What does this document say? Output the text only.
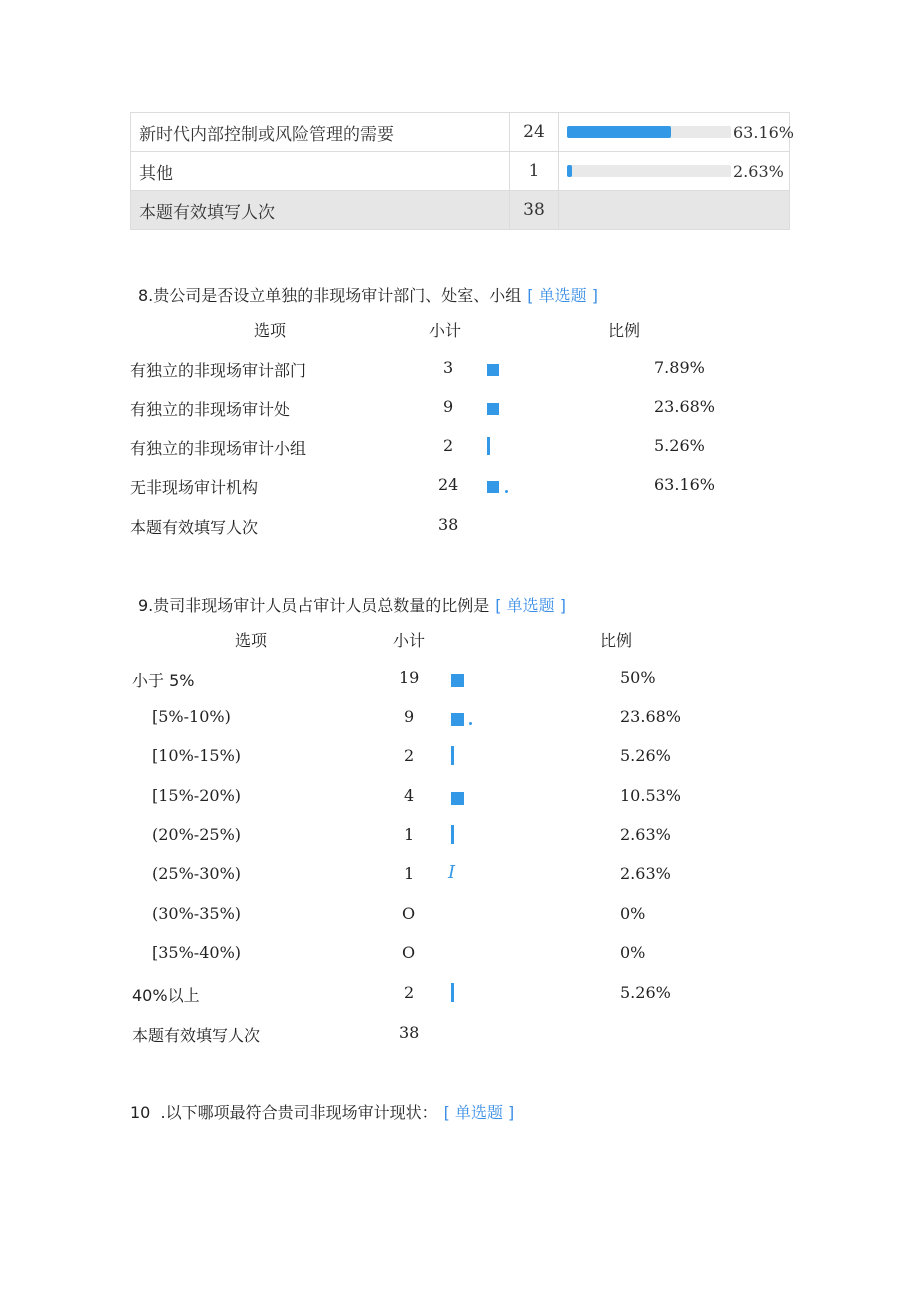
新时代内部控制或风险管理的需要	24	63.16%

其他	1	2.63%

本题有效填写人次	38	
8.贵公司是否设立单独的非现场审计部门、处室、小组 [ 单选题 ]
选项	小计	比例
有独立的非现场审计部门	3	7.89%
有独立的非现场审计处	9	23.68%
有独立的非现场审计小组	2	5.26%
无非现场审计机构	24	63.16%
本题有效填写人次	38
9.贵司非现场审计人员占审计人员总数量的比例是 [ 单选题 ]
选项	小计	比例
小于 5%	19	50%
[5%-10%)	9	23.68%
[10%-15%)	2	5.26%
[15%-20%)	4	10.53%
(20%-25%)	1	2.63%
(25%-30%)	1 I	2.63%
(30%-35%)	O	0%
[35%-40%)	O	0%
40%以上	2	5.26%
本题有效填写人次	38
10  .以下哪项最符合贵司非现场审计现状： [ 单选题 ]
